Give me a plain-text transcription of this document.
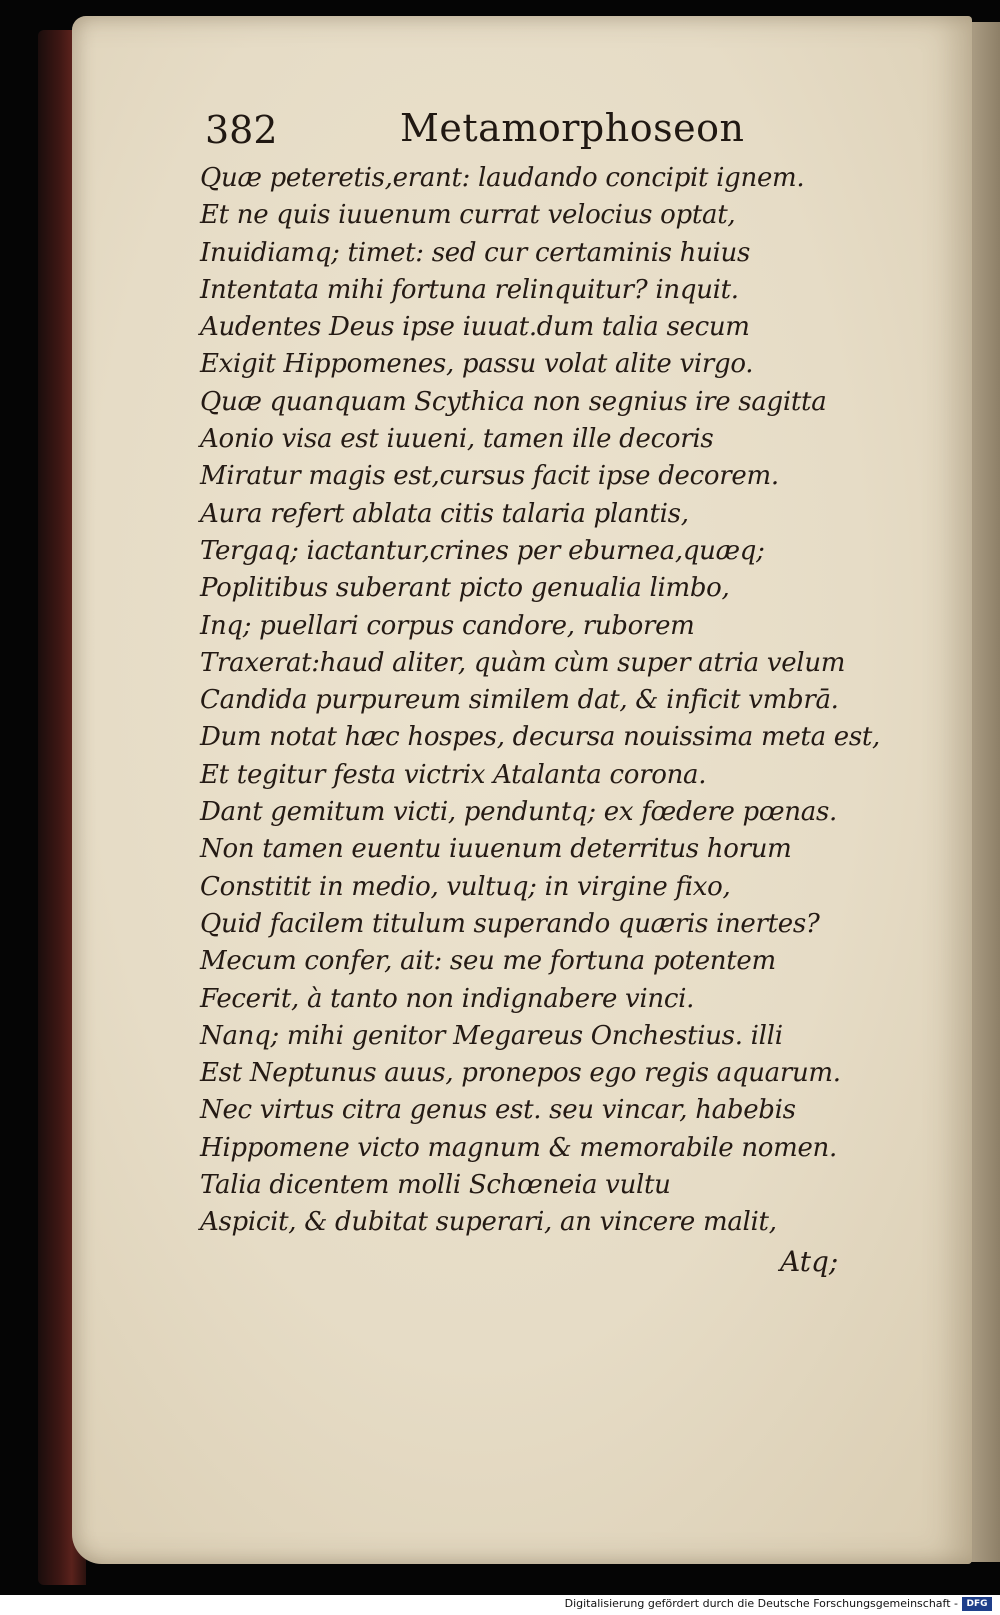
382	Metamorphoseon
Quæ peteretis,erant: laudando concipit ignem.
Et ne quis iuuenum currat velocius optat,
Inuidiamq; timet: sed cur certaminis huius
Intentata mihi fortuna relinquitur? inquit.
Audentes Deus ipse iuuat.dum talia secum
Exigit Hippomenes, passu volat alite virgo.
Quæ quanquam Scythica non segnius ire sagitta
Aonio visa est iuueni, tamen ille decoris
Miratur magis est,cursus facit ipse decorem.
Aura refert ablata citis talaria plantis,
Tergaq; iactantur,crines per eburnea,quæq;
Poplitibus suberant picto genualia limbo,
Inq; puellari corpus candore, ruborem
Traxerat:haud aliter, quàm cùm super atria velum
Candida purpureum similem dat, & inficit vmbrā.
Dum notat hæc hospes, decursa nouissima meta est,
Et tegitur festa victrix Atalanta corona.
Dant gemitum victi, penduntq; ex fœdere pœnas.
Non tamen euentu iuuenum deterritus horum
Constitit in medio, vultuq; in virgine fixo,
Quid facilem titulum superando quæris inertes?
Mecum confer, ait: seu me fortuna potentem
Fecerit, à tanto non indignabere vinci.
Nanq; mihi genitor Megareus Onchestius. illi
Est Neptunus auus, pronepos ego regis aquarum.
Nec virtus citra genus est. seu vincar, habebis
Hippomene victo magnum & memorabile nomen.
Talia dicentem molli Schœneia vultu
Aspicit, & dubitat superari, an vincere malit,
Atq;
Digitalisierung gefördert durch die Deutsche Forschungsgemeinschaft - DFG
